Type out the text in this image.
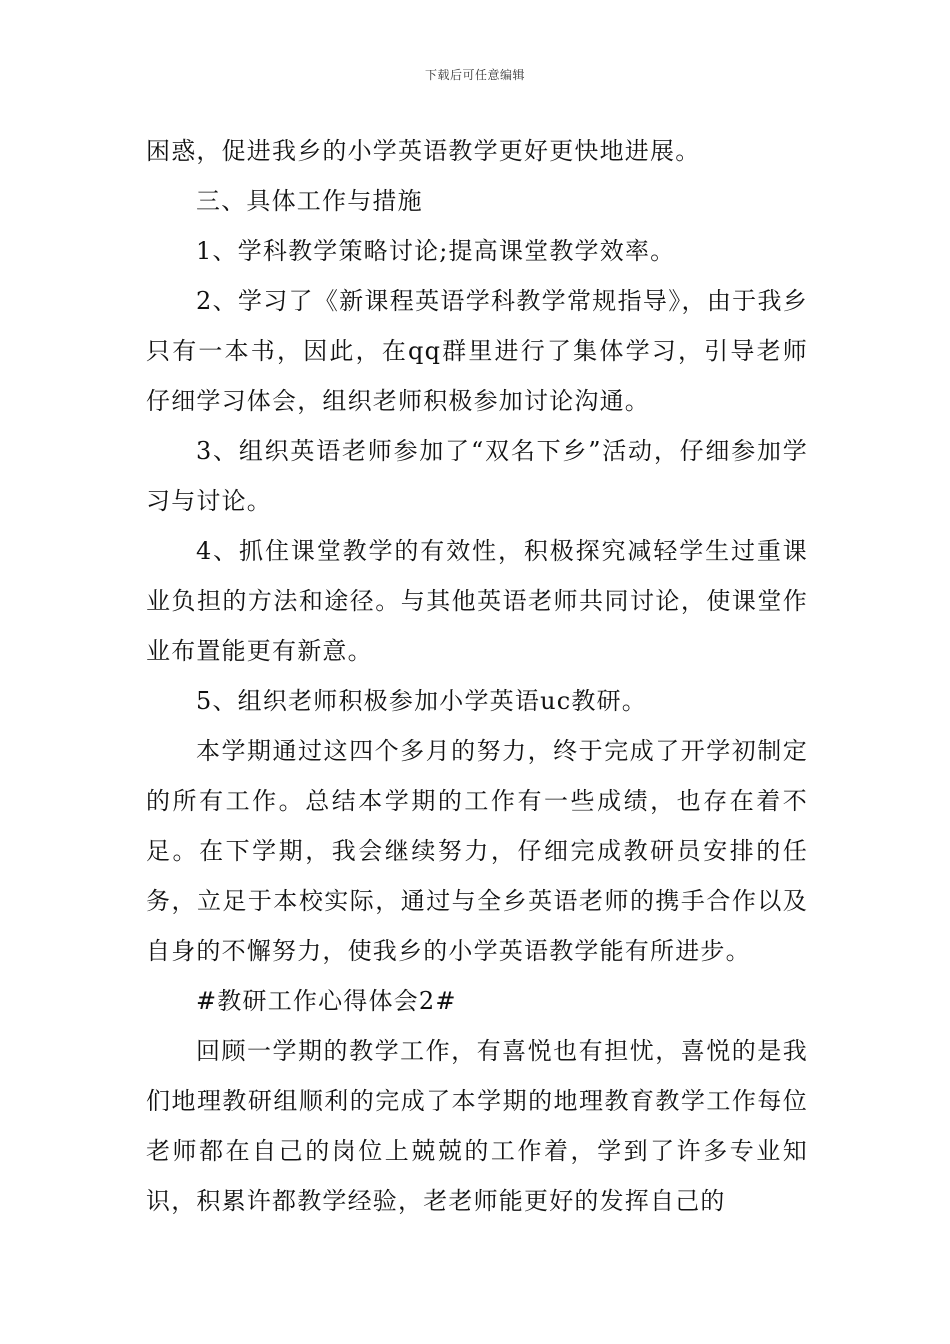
下载后可任意编辑

困惑，促进我乡的小学英语教学更好更快地进展。

三、具体工作与措施

1、学科教学策略讨论;提高课堂教学效率。

2、学习了《新课程英语学科教学常规指导》，由于我乡只有一本书，因此，在qq群里进行了集体学习，引导老师仔细学习体会，组织老师积极参加讨论沟通。

3、组织英语老师参加了“双名下乡”活动，仔细参加学习与讨论。

4、抓住课堂教学的有效性，积极探究减轻学生过重课业负担的方法和途径。与其他英语老师共同讨论，使课堂作业布置能更有新意。

5、组织老师积极参加小学英语uc教研。

本学期通过这四个多月的努力，终于完成了开学初制定的所有工作。总结本学期的工作有一些成绩，也存在着不足。在下学期，我会继续努力，仔细完成教研员安排的任务，立足于本校实际，通过与全乡英语老师的携手合作以及自身的不懈努力，使我乡的小学英语教学能有所进步。

#教研工作心得体会2#

回顾一学期的教学工作，有喜悦也有担忧，喜悦的是我们地理教研组顺利的完成了本学期的地理教育教学工作每位老师都在自己的岗位上兢兢的工作着，学到了许多专业知识，积累许都教学经验，老老师能更好的发挥自己的
